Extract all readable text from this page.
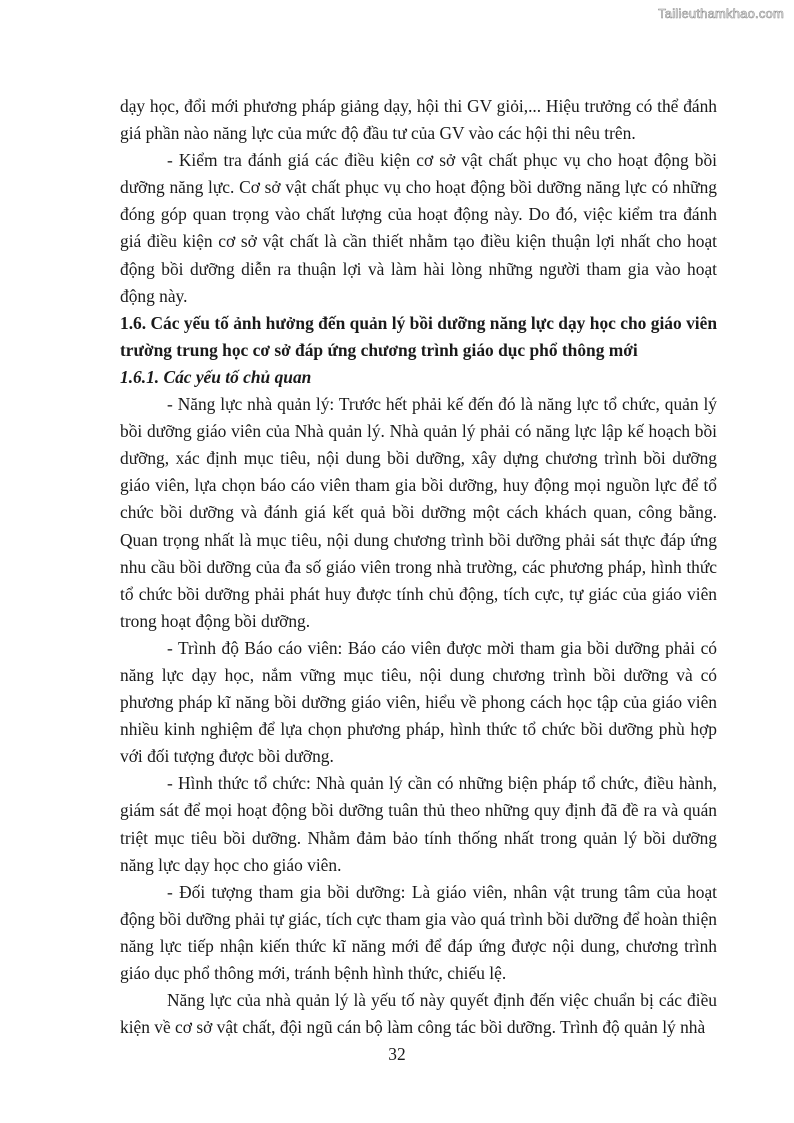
Tailieuthamkhao.com

dạy học, đổi mới phương pháp giảng dạy, hội thi GV giỏi,... Hiệu trưởng có thể đánh giá phần nào năng lực của mức độ đầu tư của GV vào các hội thi nêu trên.

- Kiểm tra đánh giá các điều kiện cơ sở vật chất phục vụ cho hoạt động bồi dưỡng năng lực. Cơ sở vật chất phục vụ cho hoạt động bồi dưỡng năng lực có những đóng góp quan trọng vào chất lượng của hoạt động này. Do đó, việc kiểm tra đánh giá điều kiện cơ sở vật chất là cần thiết nhằm tạo điều kiện thuận lợi nhất cho hoạt động bồi dưỡng diễn ra thuận lợi và làm hài lòng những người tham gia vào hoạt động này.

1.6. Các yếu tố ảnh hưởng đến quản lý bồi dưỡng năng lực dạy học cho giáo viên trường trung học cơ sở đáp ứng chương trình giáo dục phổ thông mới

1.6.1. Các yếu tố chủ quan

- Năng lực nhà quản lý: Trước hết phải kế đến đó là năng lực tổ chức, quản lý bồi dưỡng giáo viên của Nhà quản lý. Nhà quản lý phải có năng lực lập kế hoạch bồi dưỡng, xác định mục tiêu, nội dung bồi dưỡng, xây dựng chương trình bồi dưỡng giáo viên, lựa chọn báo cáo viên tham gia bồi dưỡng, huy động mọi nguồn lực để tổ chức bồi dưỡng và đánh giá kết quả bồi dưỡng một cách khách quan, công bằng. Quan trọng nhất là mục tiêu, nội dung chương trình bồi dưỡng phải sát thực đáp ứng nhu cầu bồi dưỡng của đa số giáo viên trong nhà trường, các phương pháp, hình thức tổ chức bồi dưỡng phải phát huy được tính chủ động, tích cực, tự giác của giáo viên trong hoạt động bồi dưỡng.

- Trình độ Báo cáo viên: Báo cáo viên được mời tham gia bồi dưỡng phải có năng lực dạy học, nắm vững mục tiêu, nội dung chương trình bồi dưỡng và có phương pháp kĩ năng bồi dưỡng giáo viên, hiểu về phong cách học tập của giáo viên nhiều kinh nghiệm để lựa chọn phương pháp, hình thức tổ chức bồi dưỡng phù hợp với đối tượng được bồi dưỡng.

- Hình thức tổ chức: Nhà quản lý cần có những biện pháp tổ chức, điều hành, giám sát để mọi hoạt động bồi dưỡng tuân thủ theo những quy định đã đề ra và quán triệt mục tiêu bồi dưỡng. Nhằm đảm bảo tính thống nhất trong quản lý bồi dưỡng năng lực dạy học cho giáo viên.

- Đối tượng tham gia bồi dưỡng: Là giáo viên, nhân vật trung tâm của hoạt động bồi dưỡng phải tự giác, tích cực tham gia vào quá trình bồi dưỡng để hoàn thiện năng lực tiếp nhận kiến thức kĩ năng mới để đáp ứng được nội dung, chương trình giáo dục phổ thông mới, tránh bệnh hình thức, chiếu lệ.

Năng lực của nhà quản lý là yếu tố này quyết định đến việc chuẩn bị các điều kiện về cơ sở vật chất, đội ngũ cán bộ làm công tác bồi dưỡng. Trình độ quản lý nhà

32
